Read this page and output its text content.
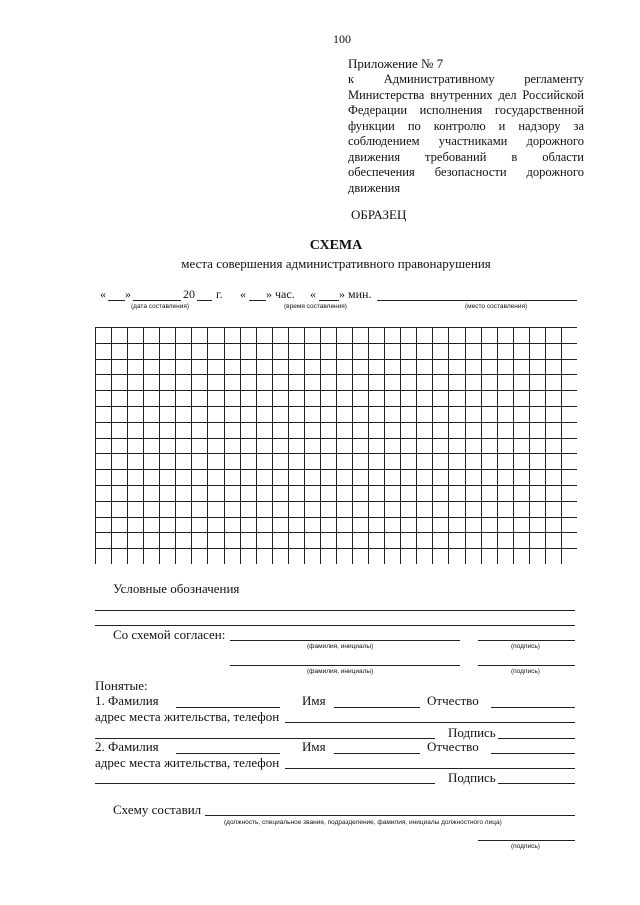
100
Приложение № 7
к Административному регламенту
Министерства внутренних дел Российской
Федерации исполнения государственной
функции по контролю и надзору за
соблюдением участниками дорожного
движения требований в области
обеспечения безопасности дорожного
движения
ОБРАЗЕЦ
СХЕМА
места совершения административного правонарушения
« »	20 г. « » час. « » мин.
(дата составления)	(время составления)	(место составления)
Условные обозначения
Со схемой согласен:
(фамилия, инициалы)	(подпись)
(фамилия, инициалы)	(подпись)
Понятые:
1. Фамилия	Имя	Отчество
адрес места жительства, телефон
Подпись
2. Фамилия	Имя	Отчество
адрес места жительства, телефон
Подпись
Схему составил
(должность, специальное звание, подразделение, фамилия, инициалы должностного лица)
(подпись)
